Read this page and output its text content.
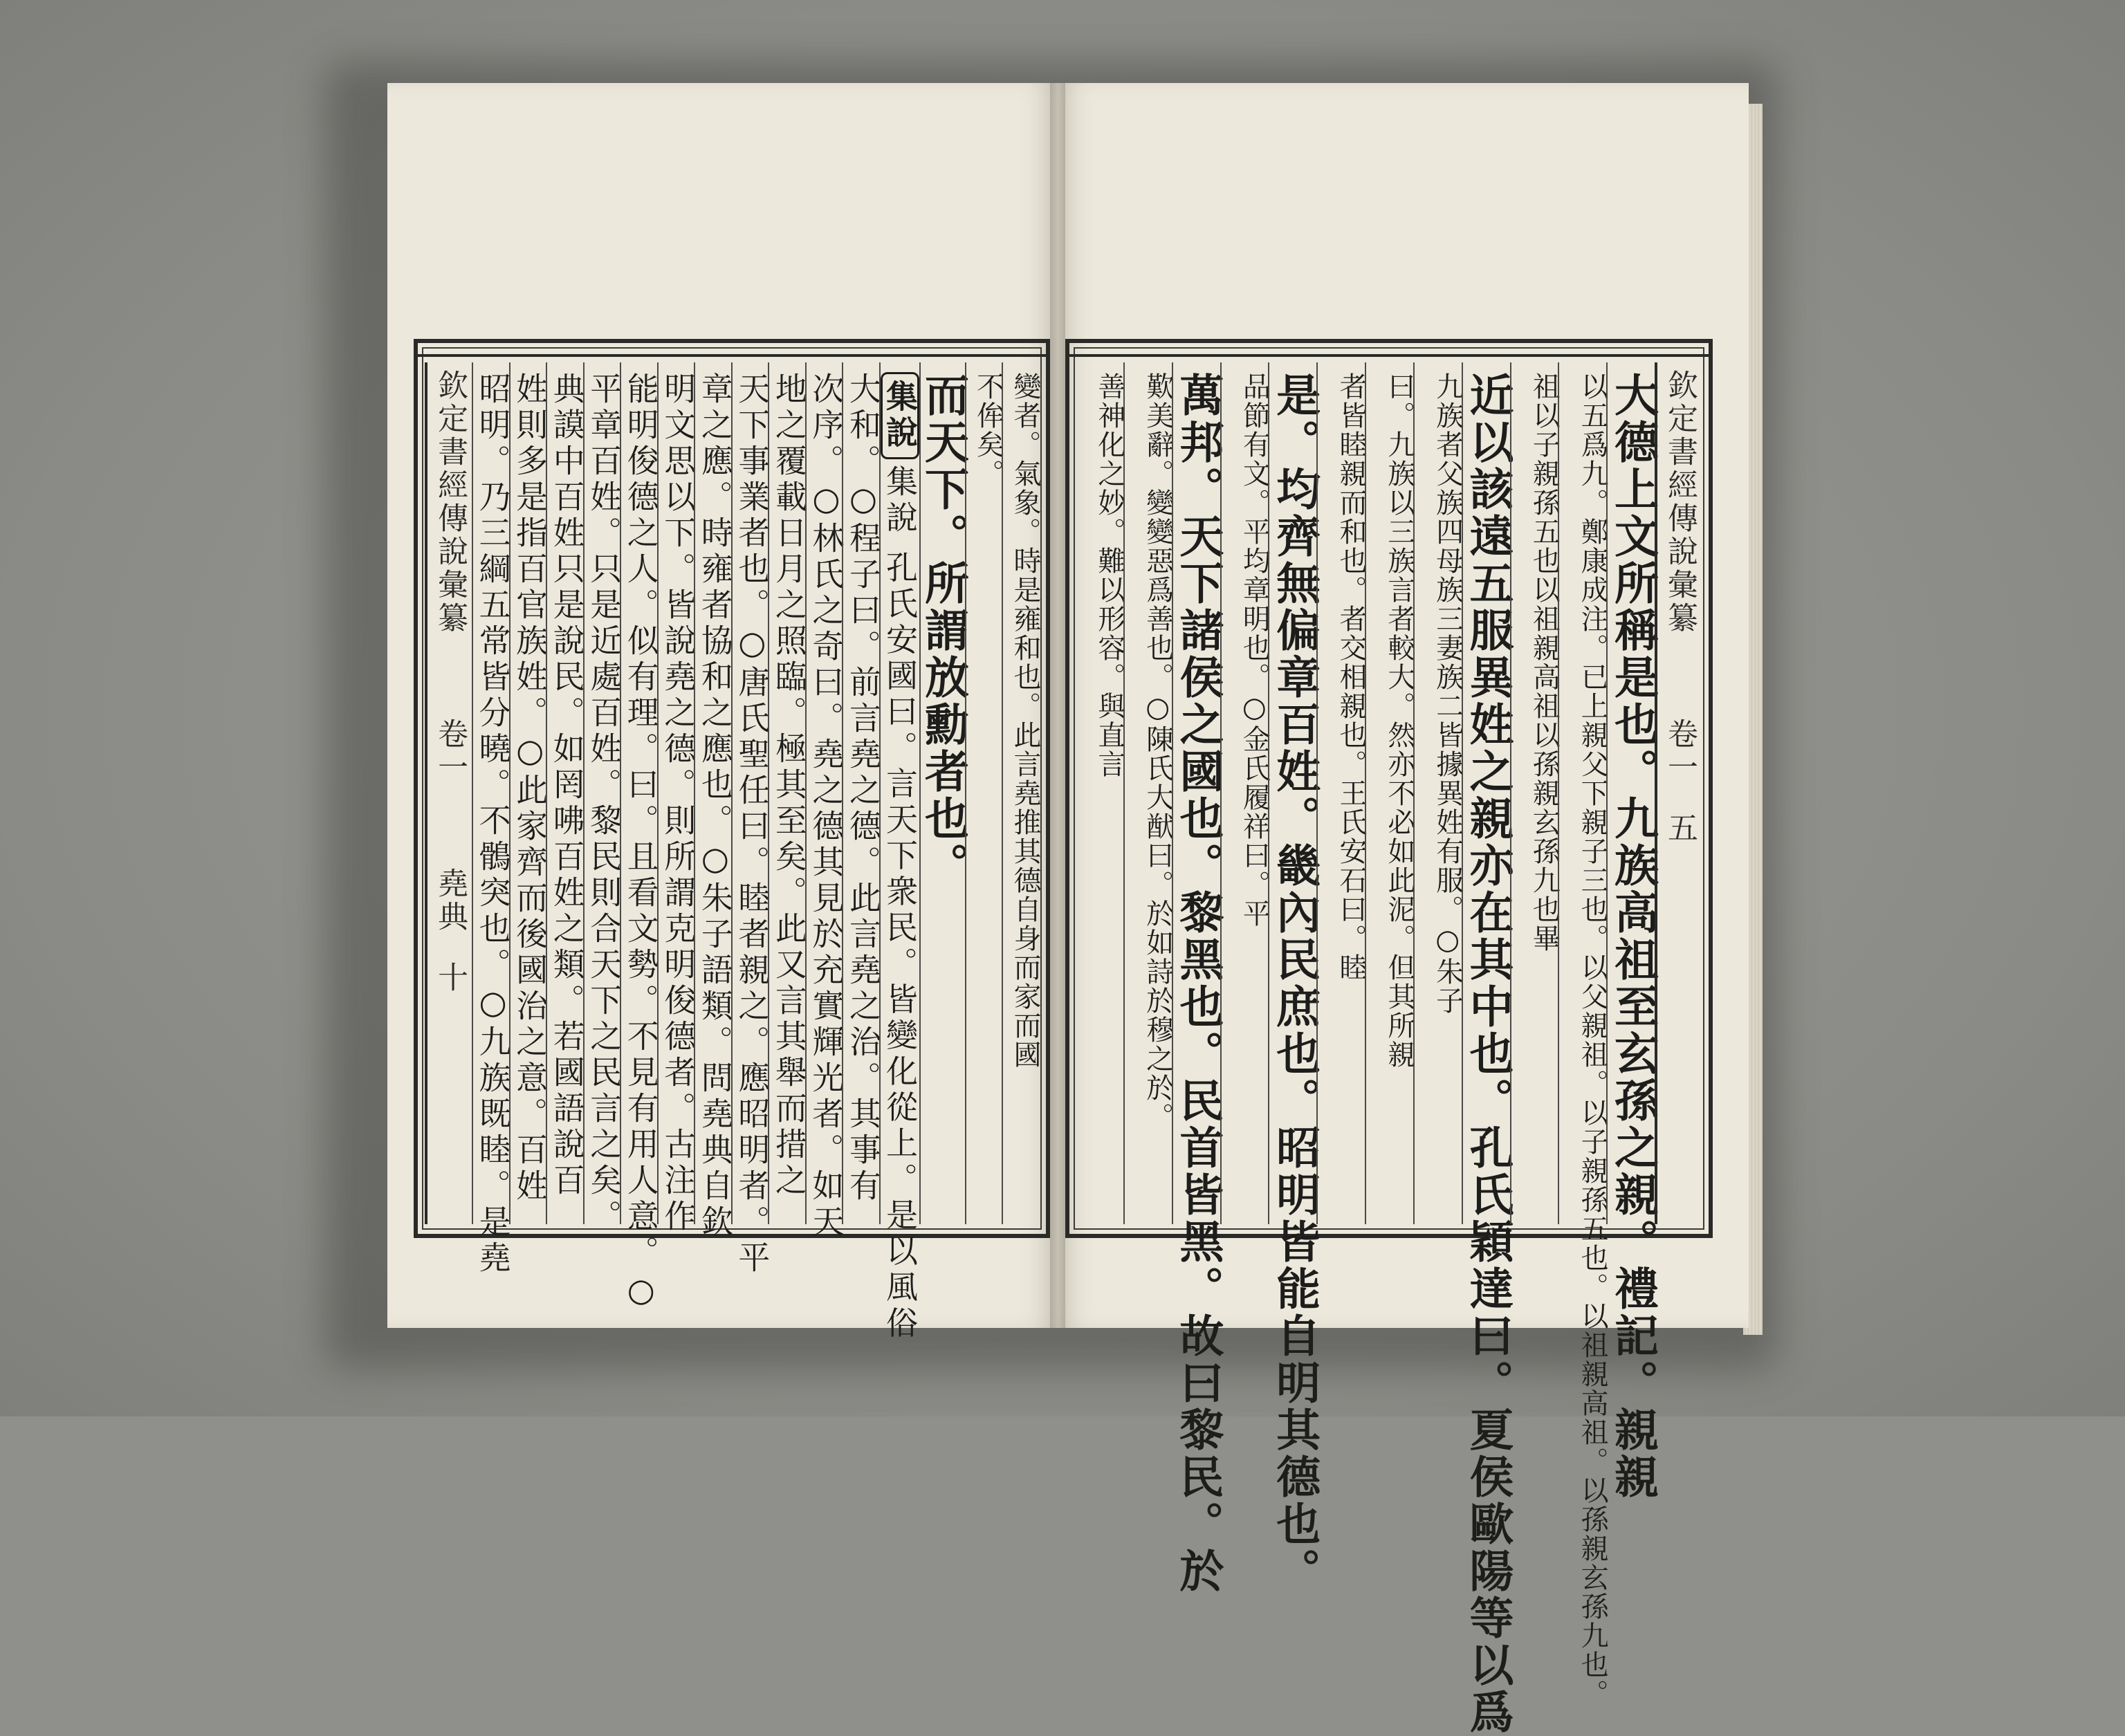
欽定書經傳說彙纂卷一五
大德上文所稱是也。九族高祖至玄孫之親。禮記。親親
以五爲九。鄭康成注。已上親父下親子三也。以父親祖。以子親孫五也。以祖親高祖。以孫親玄孫九也。
祖以子親孫五也以祖親高祖以孫親玄孫九也畢
近以該遠五服異姓之親亦在其中也。孔氏穎達曰。夏侯歐陽等以爲
九族者父族四母族三妻族二皆據異姓有服。○朱子
曰。九族以三族言者較大。然亦不必如此泥。但其所親
者皆睦親而和也。者交相親也。王氏安石曰。睦
是。均齊無偏章百姓。畿內民庶也。昭明皆能自明其德也。
品節有文。平均章明也。○金氏履祥曰。平
萬邦。天下諸侯之國也。黎黑也。民首皆黑。故曰黎民。於
歎美辭。變變惡爲善也。○陳氏大猷曰。於如詩於穆之於。
善神化之妙。難以形容。與直言
變者。氣象。時是雍和也。此言堯推其德自身而家而國
不侔矣。
而天下。所謂放勳者也。
集說集說 孔氏安國曰。言天下衆民。皆變化從上。是以風俗
大和。○程子曰。前言堯之德。此言堯之治。其事有
次序。○林氏之奇曰。堯之德其見於充實輝光者。如天
地之覆載日月之照臨。極其至矣。此又言其舉而措之
天下事業者也。○唐氏聖任曰。睦者親之。應昭明者。平
章之應。時雍者協和之應也。○朱子語類。問堯典自欽
明文思以下。皆說堯之德。則所謂克明俊德者。古注作
能明俊德之人。似有理。曰。且看文勢。不見有用人意。○
平章百姓。只是近處百姓。黎民則合天下之民言之矣。
典謨中百姓只是說民。如罔咈百姓之類。若國語說百
姓則多是指百官族姓。○此家齊而後國治之意。百姓
昭明。乃三綱五常皆分曉。不鶻突也。○九族既睦。是堯
欽定書經傳說彙纂卷一堯典十
